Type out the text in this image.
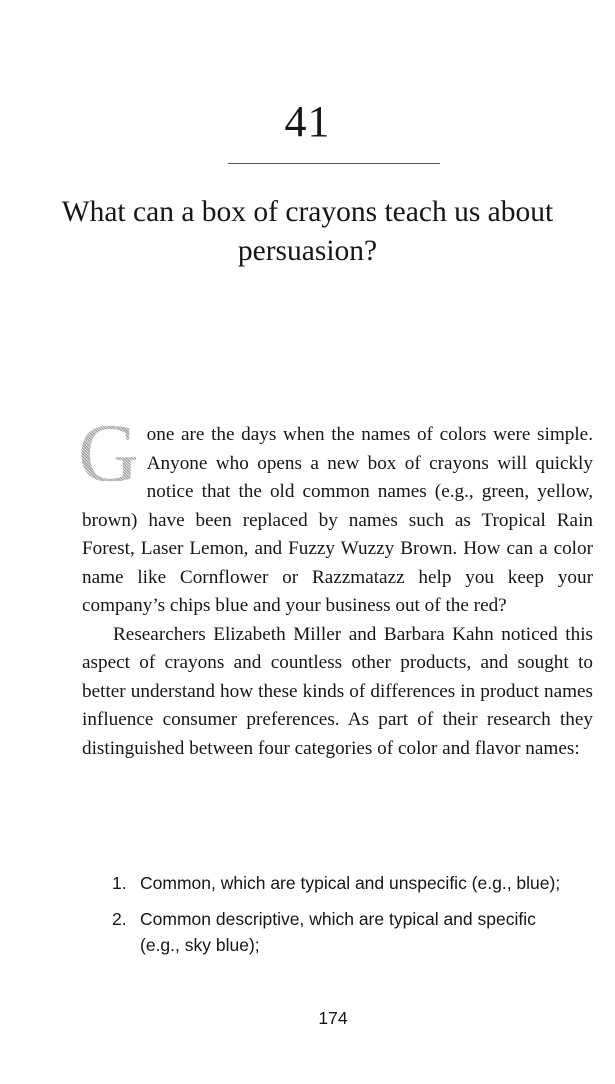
41
What can a box of crayons teach us about persuasion?

G one are the days when the names of colors were simple. Anyone who opens a new box of crayons will quickly notice that the old common names (e.g., green, yellow, brown) have been replaced by names such as Tropical Rain Forest, Laser Lemon, and Fuzzy Wuzzy Brown. How can a color name like Cornflower or Razzmatazz help you keep your company’s chips blue and your business out of the red?

Researchers Elizabeth Miller and Barbara Kahn noticed this aspect of crayons and countless other products, and sought to better understand how these kinds of differences in product names influence consumer preferences. As part of their research they distinguished between four categories of color and flavor names:

1. Common, which are typical and unspecific (e.g., blue);
2. Common descriptive, which are typical and specific (e.g., sky blue);
174
